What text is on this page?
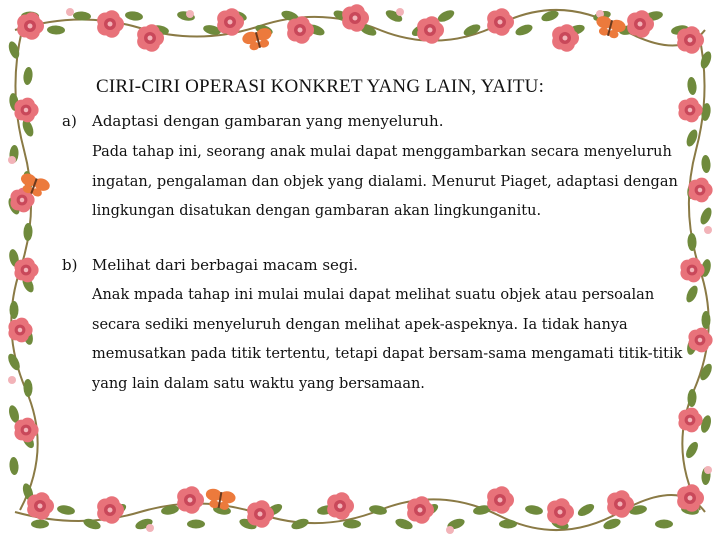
CIRI-CIRI OPERASI KONKRET YANG LAIN, YAITU:
a) Adaptasi dengan gambaran yang menyeluruh.
Pada tahap ini, seorang anak mulai dapat menggambarkan secara menyeluruh
ingatan, pengalaman dan objek yang dialami. Menurut Piaget, adaptasi dengan
lingkungan disatukan dengan gambaran akan lingkunganitu.
b) Melihat dari berbagai macam segi.
Anak mpada tahap ini mulai mulai dapat melihat suatu objek atau persoalan
secara sediki menyeluruh dengan melihat apek-aspeknya. Ia tidak hanya
memusatkan pada titik tertentu, tetapi dapat bersam-sama mengamati titik-titik
yang lain dalam satu waktu yang bersamaan.
